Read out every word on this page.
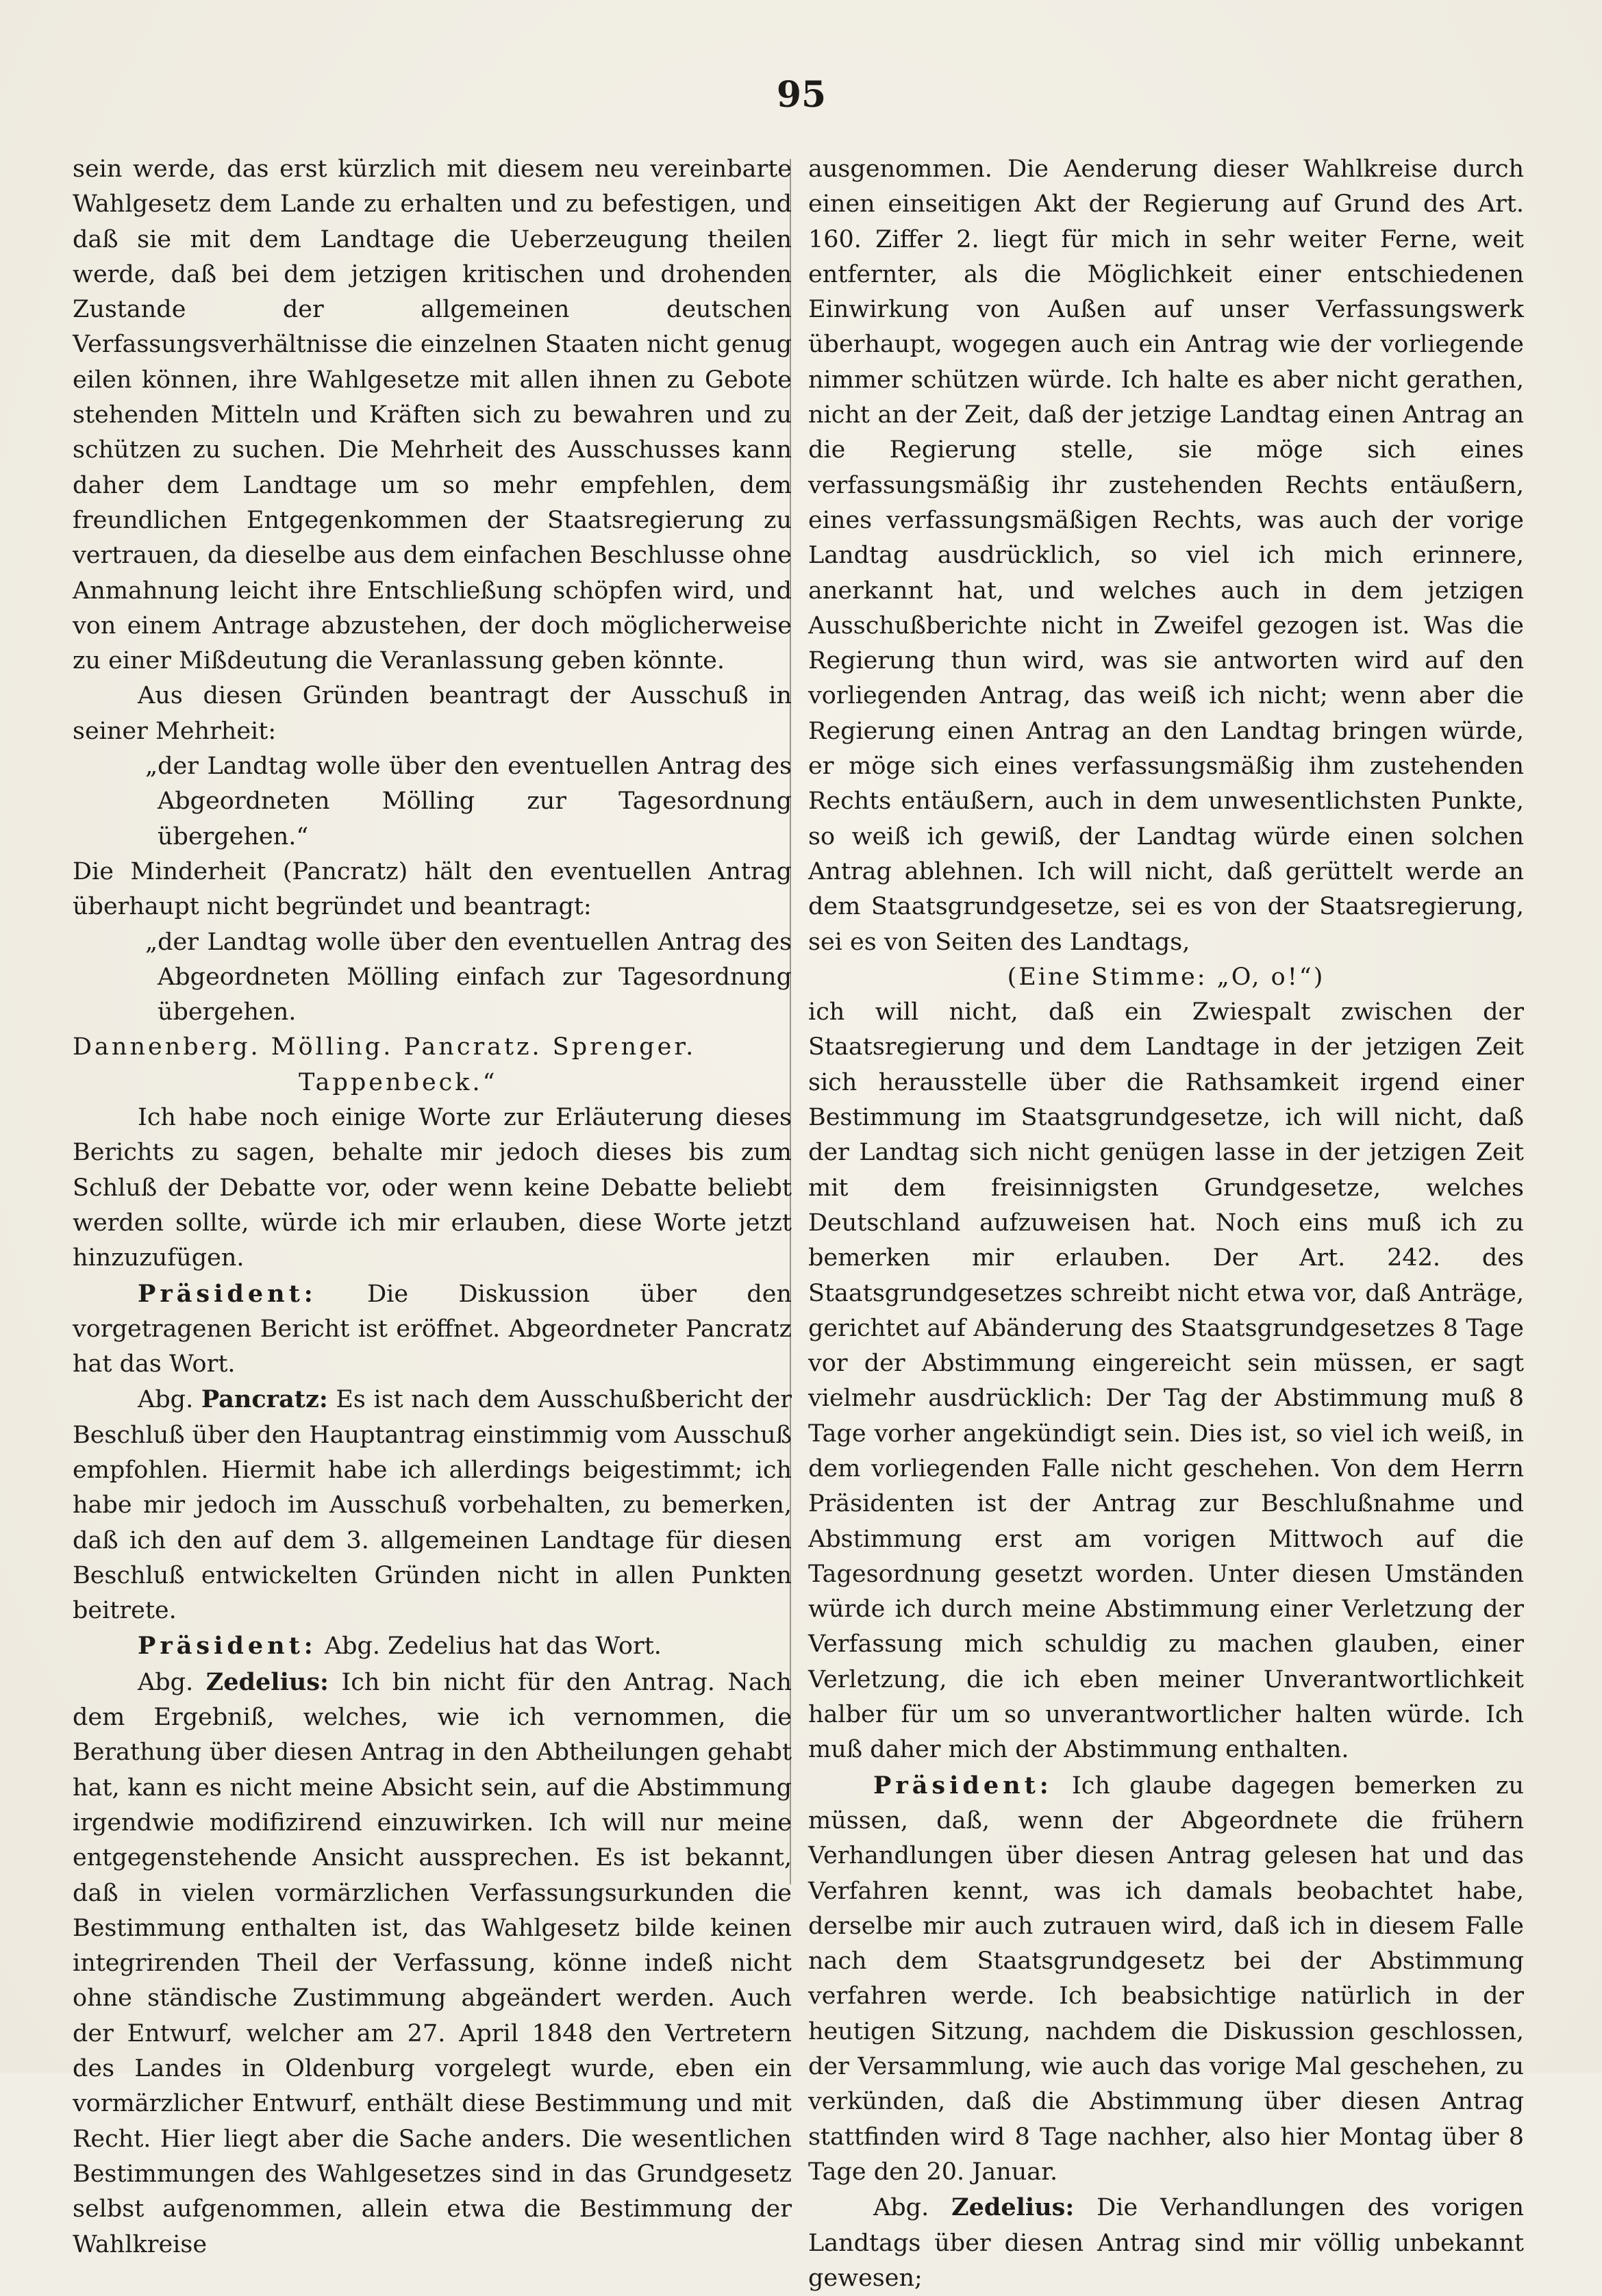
95

sein werde, das erst kürzlich mit diesem neu vereinbarte Wahlgesetz dem Lande zu erhalten und zu befestigen, und daß sie mit dem Landtage die Ueberzeugung theilen werde, daß bei dem jetzigen kritischen und drohenden Zustande der allgemeinen deutschen Verfassungsverhältnisse die einzelnen Staaten nicht genug eilen können, ihre Wahlgesetze mit allen ihnen zu Gebote stehenden Mitteln und Kräften sich zu bewahren und zu schützen zu suchen. Die Mehrheit des Ausschusses kann daher dem Landtage um so mehr empfehlen, dem freundlichen Entgegenkommen der Staatsregierung zu vertrauen, da dieselbe aus dem einfachen Beschlusse ohne Anmahnung leicht ihre Entschließung schöpfen wird, und von einem Antrage abzustehen, der doch möglicherweise zu einer Mißdeutung die Veranlassung geben könnte.

Aus diesen Gründen beantragt der Ausschuß in seiner Mehrheit:

„der Landtag wolle über den eventuellen Antrag des Abgeordneten Mölling zur Tagesordnung übergehen.“

Die Minderheit (Pancratz) hält den eventuellen Antrag überhaupt nicht begründet und beantragt:

„der Landtag wolle über den eventuellen Antrag des Abgeordneten Mölling einfach zur Tagesordnung übergehen.

Dannenberg. Mölling. Pancratz. Sprenger.
Tappenbeck.“

Ich habe noch einige Worte zur Erläuterung dieses Berichts zu sagen, behalte mir jedoch dieses bis zum Schluß der Debatte vor, oder wenn keine Debatte beliebt werden sollte, würde ich mir erlauben, diese Worte jetzt hinzuzufügen.

Präsident: Die Diskussion über den vorgetragenen Bericht ist eröffnet. Abgeordneter Pancratz hat das Wort.

Abg. Pancratz: Es ist nach dem Ausschußbericht der Beschluß über den Hauptantrag einstimmig vom Ausschuß empfohlen. Hiermit habe ich allerdings beigestimmt; ich habe mir jedoch im Ausschuß vorbehalten, zu bemerken, daß ich den auf dem 3. allgemeinen Landtage für diesen Beschluß entwickelten Gründen nicht in allen Punkten beitrete.

Präsident: Abg. Zedelius hat das Wort.

Abg. Zedelius: Ich bin nicht für den Antrag. Nach dem Ergebniß, welches, wie ich vernommen, die Berathung über diesen Antrag in den Abtheilungen gehabt hat, kann es nicht meine Absicht sein, auf die Abstimmung irgendwie modifizirend einzuwirken. Ich will nur meine entgegenstehende Ansicht aussprechen. Es ist bekannt, daß in vielen vormärzlichen Verfassungsurkunden die Bestimmung enthalten ist, das Wahlgesetz bilde keinen integrirenden Theil der Verfassung, könne indeß nicht ohne ständische Zustimmung abgeändert werden. Auch der Entwurf, welcher am 27. April 1848 den Vertretern des Landes in Oldenburg vorgelegt wurde, eben ein vormärzlicher Entwurf, enthält diese Bestimmung und mit Recht. Hier liegt aber die Sache anders. Die wesentlichen Bestimmungen des Wahlgesetzes sind in das Grundgesetz selbst aufgenommen, allein etwa die Bestimmung der Wahlkreise

ausgenommen. Die Aenderung dieser Wahlkreise durch einen einseitigen Akt der Regierung auf Grund des Art. 160. Ziffer 2. liegt für mich in sehr weiter Ferne, weit entfernter, als die Möglichkeit einer entschiedenen Einwirkung von Außen auf unser Verfassungswerk überhaupt, wogegen auch ein Antrag wie der vorliegende nimmer schützen würde. Ich halte es aber nicht gerathen, nicht an der Zeit, daß der jetzige Landtag einen Antrag an die Regierung stelle, sie möge sich eines verfassungsmäßig ihr zustehenden Rechts entäußern, eines verfassungsmäßigen Rechts, was auch der vorige Landtag ausdrücklich, so viel ich mich erinnere, anerkannt hat, und welches auch in dem jetzigen Ausschußberichte nicht in Zweifel gezogen ist. Was die Regierung thun wird, was sie antworten wird auf den vorliegenden Antrag, das weiß ich nicht; wenn aber die Regierung einen Antrag an den Landtag bringen würde, er möge sich eines verfassungsmäßig ihm zustehenden Rechts entäußern, auch in dem unwesentlichsten Punkte, so weiß ich gewiß, der Landtag würde einen solchen Antrag ablehnen. Ich will nicht, daß gerüttelt werde an dem Staatsgrundgesetze, sei es von der Staatsregierung, sei es von Seiten des Landtags,

(Eine Stimme: „O, o!“)

ich will nicht, daß ein Zwiespalt zwischen der Staatsregierung und dem Landtage in der jetzigen Zeit sich herausstelle über die Rathsamkeit irgend einer Bestimmung im Staatsgrundgesetze, ich will nicht, daß der Landtag sich nicht genügen lasse in der jetzigen Zeit mit dem freisinnigsten Grundgesetze, welches Deutschland aufzuweisen hat. Noch eins muß ich zu bemerken mir erlauben. Der Art. 242. des Staatsgrundgesetzes schreibt nicht etwa vor, daß Anträge, gerichtet auf Abänderung des Staatsgrundgesetzes 8 Tage vor der Abstimmung eingereicht sein müssen, er sagt vielmehr ausdrücklich: Der Tag der Abstimmung muß 8 Tage vorher angekündigt sein. Dies ist, so viel ich weiß, in dem vorliegenden Falle nicht geschehen. Von dem Herrn Präsidenten ist der Antrag zur Beschlußnahme und Abstimmung erst am vorigen Mittwoch auf die Tagesordnung gesetzt worden. Unter diesen Umständen würde ich durch meine Abstimmung einer Verletzung der Verfassung mich schuldig zu machen glauben, einer Verletzung, die ich eben meiner Unverantwortlichkeit halber für um so unverantwortlicher halten würde. Ich muß daher mich der Abstimmung enthalten.

Präsident: Ich glaube dagegen bemerken zu müssen, daß, wenn der Abgeordnete die frühern Verhandlungen über diesen Antrag gelesen hat und das Verfahren kennt, was ich damals beobachtet habe, derselbe mir auch zutrauen wird, daß ich in diesem Falle nach dem Staatsgrundgesetz bei der Abstimmung verfahren werde. Ich beabsichtige natürlich in der heutigen Sitzung, nachdem die Diskussion geschlossen, der Versammlung, wie auch das vorige Mal geschehen, zu verkünden, daß die Abstimmung über diesen Antrag stattfinden wird 8 Tage nachher, also hier Montag über 8 Tage den 20. Januar.

Abg. Zedelius: Die Verhandlungen des vorigen Landtags über diesen Antrag sind mir völlig unbekannt gewesen;
